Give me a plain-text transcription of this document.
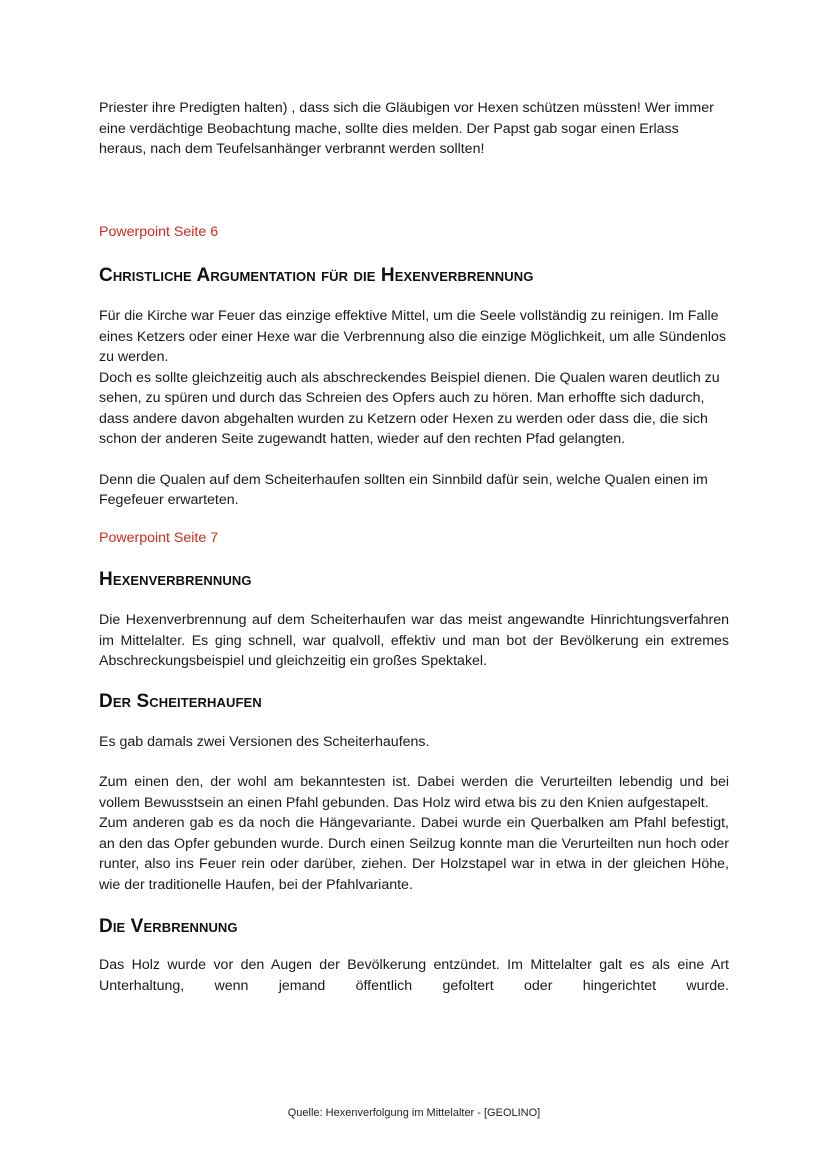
Priester ihre Predigten halten) , dass sich die Gläubigen vor Hexen schützen müssten! Wer immer eine verdächtige Beobachtung mache, sollte dies melden. Der Papst gab sogar einen Erlass heraus, nach dem Teufelsanhänger verbrannt werden sollten!

Powerpoint Seite 6

Christliche Argumentation für die Hexenverbrennung

Für die Kirche war Feuer das einzige effektive Mittel, um die Seele vollständig zu reinigen. Im Falle eines Ketzers oder einer Hexe war die Verbrennung also die einzige Möglichkeit, um alle Sündenlos zu werden.

Doch es sollte gleichzeitig auch als abschreckendes Beispiel dienen. Die Qualen waren deutlich zu sehen, zu spüren und durch das Schreien des Opfers auch zu hören. Man erhoffte sich dadurch, dass andere davon abgehalten wurden zu Ketzern oder Hexen zu werden oder dass die, die sich schon der anderen Seite zugewandt hatten, wieder auf den rechten Pfad gelangten.

Denn die Qualen auf dem Scheiterhaufen sollten ein Sinnbild dafür sein, welche Qualen einen im Fegefeuer erwarteten.

Powerpoint Seite 7

Hexenverbrennung

Die Hexenverbrennung auf dem Scheiterhaufen war das meist angewandte Hinrichtungsverfahren im Mittelalter. Es ging schnell, war qualvoll, effektiv und man bot der Bevölkerung ein extremes Abschreckungsbeispiel und gleichzeitig ein großes Spektakel.

Der Scheiterhaufen

Es gab damals zwei Versionen des Scheiterhaufens.

Zum einen den, der wohl am bekanntesten ist. Dabei werden die Verurteilten lebendig und bei vollem Bewusstsein an einen Pfahl gebunden. Das Holz wird etwa bis zu den Knien aufgestapelt.

Zum anderen gab es da noch die Hängevariante. Dabei wurde ein Querbalken am Pfahl befestigt, an den das Opfer gebunden wurde. Durch einen Seilzug konnte man die Verurteilten nun hoch oder runter, also ins Feuer rein oder darüber, ziehen. Der Holzstapel war in etwa in der gleichen Höhe, wie der traditionelle Haufen, bei der Pfahlvariante.

Die Verbrennung

Das Holz wurde vor den Augen der Bevölkerung entzündet. Im Mittelalter galt es als eine Art

Unterhaltung, wenn jemand öffentlich gefoltert oder hingerichtet wurde.

Quelle: Hexenverfolgung im Mittelalter - [GEOLINO]
